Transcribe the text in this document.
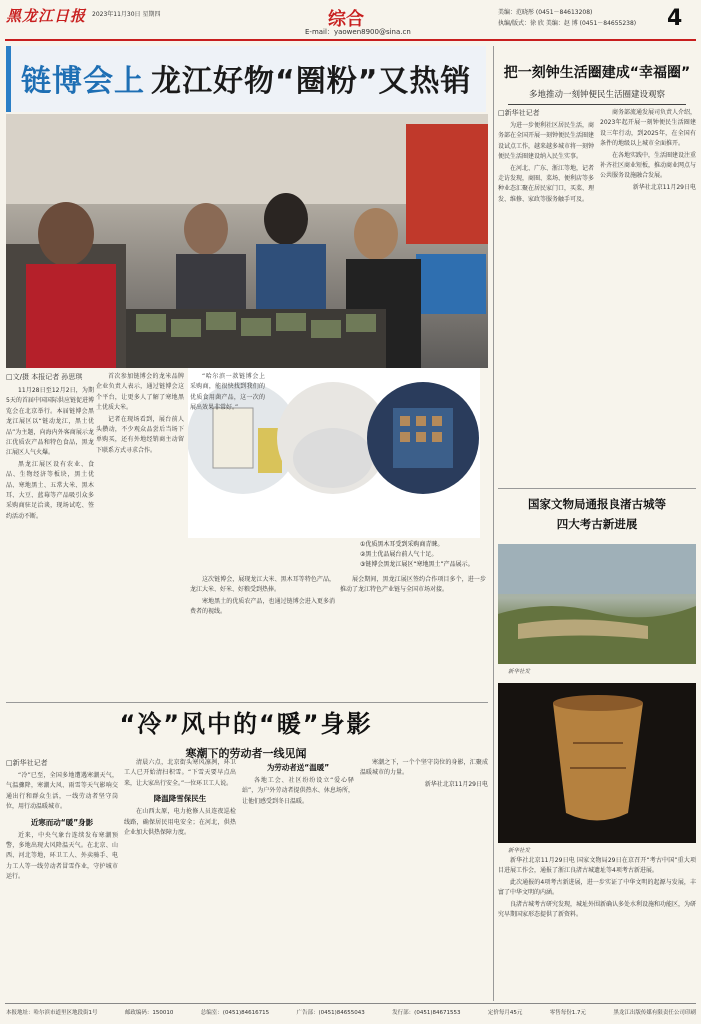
黑龙江日报 2023年11月30日 星期四	综合
E-mail：yaowen8900@sina.cn
美编：范晓彤 (0451－84613208)
执编/版式：徐 欣 美编：赵 博 (0451－84655238)	4
链博会上 龙江好物“圈粉”又热销
□文/摄 本报记者 孙思琪

11月28日至12月2日，为期5天的首届中国国际供应链促进博览会在北京举行。本届链博会黑龙江展区以“链动龙江，黑土优品”为主题，向海内外客商展示龙江优质农产品和特色食品，黑龙江展区人气火爆。

黑龙江展区设有农业、食品、生物经济等板块，黑土优品、寒地黑土、五常大米、黑木耳、大豆、蓝莓等产品吸引众多采购商驻足洽谈，现场试吃、签约活动不断。

首次参加链博会的龙米品牌企业负责人表示，通过链博会这个平台，让更多人了解了寒地黑土优质大米。

记者在现场看到，展台前人头攒动，不少观众品尝后当场下单购买，还有外地经销商主动留下联系方式寻求合作。

“哈尔滨一款链博会上采购商，能很快找到我们的优质食用菌产品，这一次的展出效果非常好。”

①优质黑木耳受到采购商青睐。
②黑土优品展台前人气十足。
③链博会黑龙江展区“寒地黑土”产品展示。

这次链博会，展现龙江大米、黑木耳等特色产品，龙江大米、好米、好粮受到热捧。

寒地黑土的优质农产品，也通过链博会进入更多消费者的视线。

展会期间，黑龙江展区签约合作项目多个，进一步推动了龙江特色产业链与全国市场对接。

把一刻钟生活圈建成“幸福圈”
多地推动一刻钟便民生活圈建设观察
□新华社记者

为进一步便利社区居民生活，商务部在全国开展一刻钟便民生活圈建设试点工作，越来越多城市将一刻钟便民生活圈建设纳入民生实事。

在河北、广东、浙江等地，记者走访发现，商圈、菜场、便利店等多种业态汇聚在居民家门口，买菜、理发、维修、家政等服务触手可及。

商务部流通发展司负责人介绍，2023年起开展一刻钟便民生活圈建设三年行动，到2025年，在全国有条件的地级以上城市全面推开。

在各地实践中，生活圈建设注重补齐社区商业短板，推动商业网点与公共服务设施融合发展。

新华社北京11月29日电

国家文物局通报良渚古城等
四大考古新进展
新华社发
新华社发

新华社北京11月29日电 国家文物局29日在京召开“考古中国”重大项目进展工作会，通报了浙江良渚古城遗址等4项考古新进展。

此次通报的4项考古新进展，进一步实证了中华文明的起源与发展，丰富了中华文明的内涵。

良渚古城考古研究发现，城址外围新确认多处水利设施和功能区，为研究早期国家形态提供了新资料。

“冷”风中的“暖”身影
寒潮下的劳动者一线见闻
□新华社记者

“冷”已至，全国多地遭遇寒潮天气，气温骤降，寒潮大风、雨雪等天气影响交通出行和群众生活，一线劳动者坚守岗位，用行动温暖城市。

近寒而动“暖”身影

近来，中央气象台连续发布寒潮预警，多地出现大风降温天气。在北京、山西、河北等地，环卫工人、外卖骑手、电力工人等一线劳动者冒雪作业，守护城市运行。

清晨六点，北京街头寒风凛冽，环卫工人已开始清扫积雪。“下雪天要早点出来，让大家出行安全。”一位环卫工人说。

降温降雪保民生

在山西太原，电力抢修人员连夜巡检线路，确保居民用电安全；在河北，供热企业加大供热保障力度。

为劳动者送“温暖”

各地工会、社区纷纷设立“爱心驿站”，为户外劳动者提供热水、休息场所，让他们感受到冬日温暖。

寒潮之下，一个个坚守岗位的身影，汇聚成温暖城市的力量。

新华社北京11月29日电

本报地址：哈尔滨市道里区地段街1号	邮政编码：150010	总编室：(0451)84616715	广告部：(0451)84655043	发行部：(0451)84671553	定价每月45元	零售每份1.7元	黑龙江出版传媒有限责任公司印刷
